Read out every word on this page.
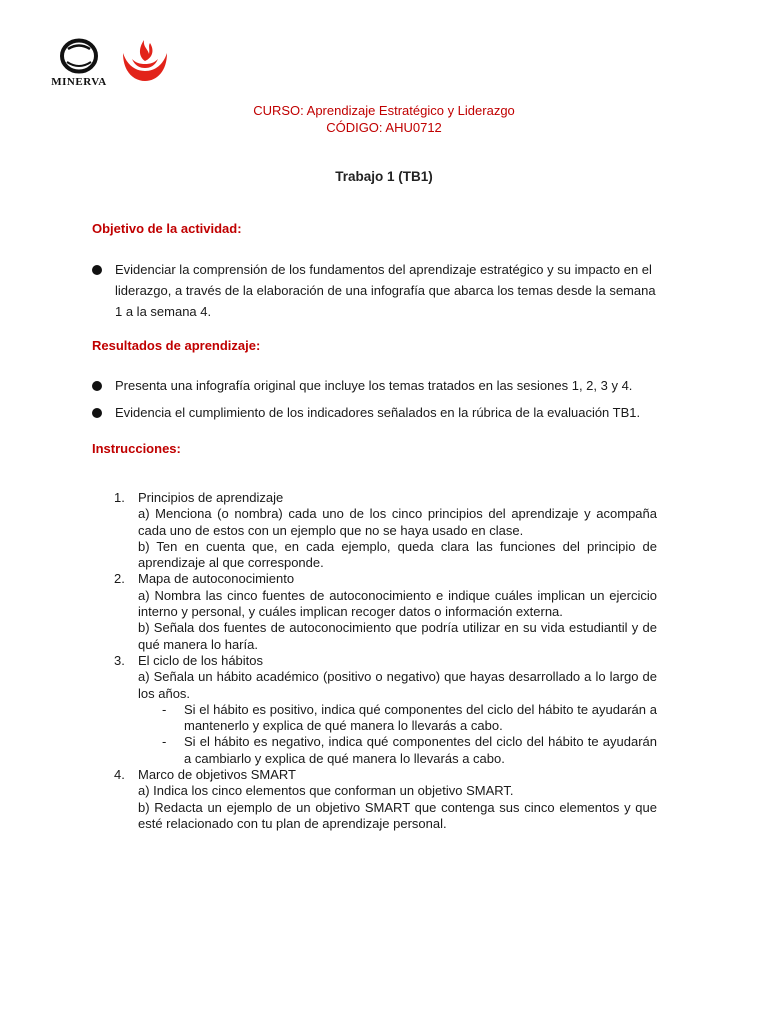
MINERVA
CURSO: Aprendizaje Estratégico y Liderazgo
CÓDIGO: AHU0712
Trabajo 1 (TB1)
Objetivo de la actividad:
Evidenciar la comprensión de los fundamentos del aprendizaje estratégico y su impacto en el liderazgo, a través de la elaboración de una infografía que abarca los temas desde la semana 1 a la semana 4.
Resultados de aprendizaje:
Presenta una infografía original que incluye los temas tratados en las sesiones 1, 2, 3 y 4.
Evidencia el cumplimiento de los indicadores señalados en la rúbrica de la evaluación TB1.
Instrucciones:
1. Principios de aprendizaje
a) Menciona (o nombra) cada uno de los cinco principios del aprendizaje y acompaña cada uno de estos con un ejemplo que no se haya usado en clase.
b) Ten en cuenta que, en cada ejemplo, queda clara las funciones del principio de aprendizaje al que corresponde.
2. Mapa de autoconocimiento
a) Nombra las cinco fuentes de autoconocimiento e indique cuáles implican un ejercicio interno y personal, y cuáles implican recoger datos o información externa.
b) Señala dos fuentes de autoconocimiento que podría utilizar en su vida estudiantil y de qué manera lo haría.
3. El ciclo de los hábitos
a) Señala un hábito académico (positivo o negativo) que hayas desarrollado a lo largo de los años.
- Si el hábito es positivo, indica qué componentes del ciclo del hábito te ayudarán a mantenerlo y explica de qué manera lo llevarás a cabo.
- Si el hábito es negativo, indica qué componentes del ciclo del hábito te ayudarán a cambiarlo y explica de qué manera lo llevarás a cabo.
4. Marco de objetivos SMART
a) Indica los cinco elementos que conforman un objetivo SMART.
b) Redacta un ejemplo de un objetivo SMART que contenga sus cinco elementos y que esté relacionado con tu plan de aprendizaje personal.
